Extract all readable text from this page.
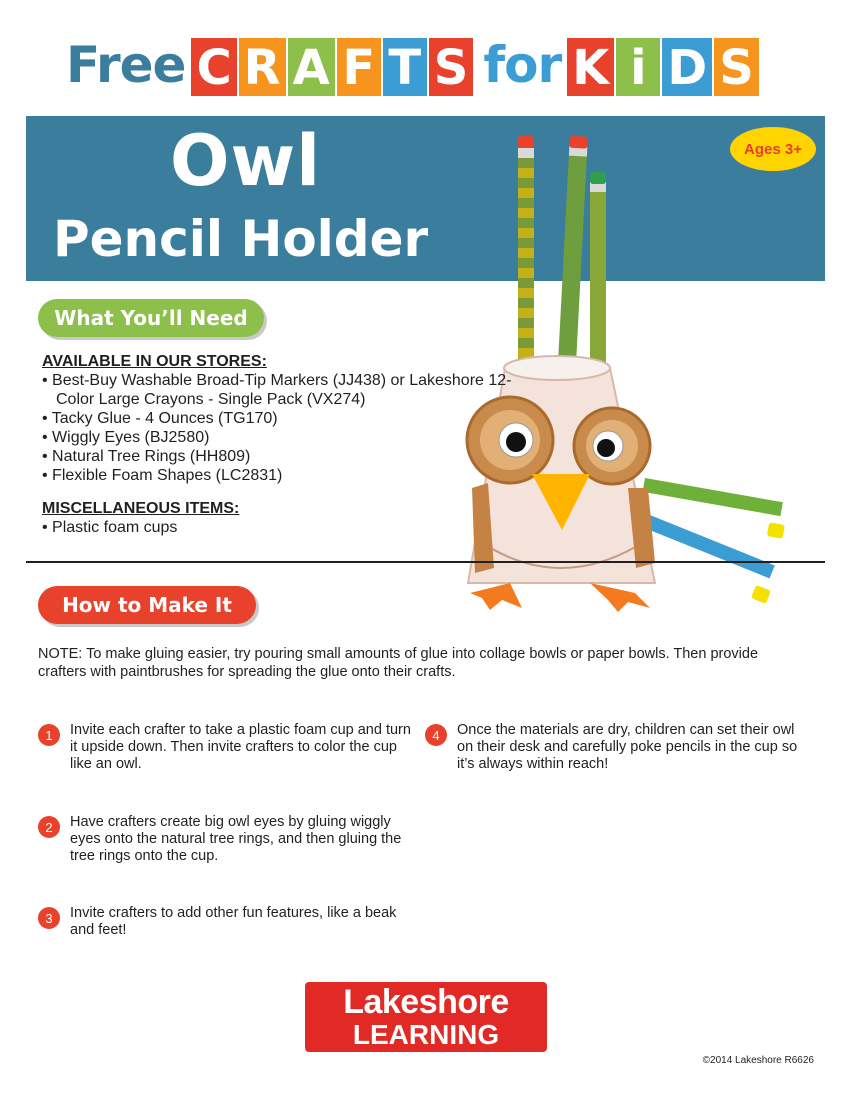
Free C R A F T S for K i D S
Owl
Pencil Holder
Ages 3+
What You’ll Need
AVAILABLE IN OUR STORES:
• Best-Buy Washable Broad-Tip Markers (JJ438) or Lakeshore 12-Color Large Crayons - Single Pack (VX274)
• Tacky Glue - 4 Ounces (TG170)
• Wiggly Eyes (BJ2580)
• Natural Tree Rings (HH809)
• Flexible Foam Shapes (LC2831)
MISCELLANEOUS ITEMS:
• Plastic foam cups
How to Make It
NOTE: To make gluing easier, try pouring small amounts of glue into collage bowls or paper bowls. Then provide crafters with paintbrushes for spreading the glue onto their crafts.
1	Invite each crafter to take a plastic foam cup and turn it upside down. Then invite crafters to color the cup like an owl.
2	Have crafters create big owl eyes by gluing wiggly eyes onto the natural tree rings, and then gluing the tree rings onto the cup.
3	Invite crafters to add other fun features, like a beak and feet!
4	Once the materials are dry, children can set their owl on their desk and carefully poke pencils in the cup so it’s always within reach!
Lakeshore
LEARNING STORE	©2014 Lakeshore R6626
